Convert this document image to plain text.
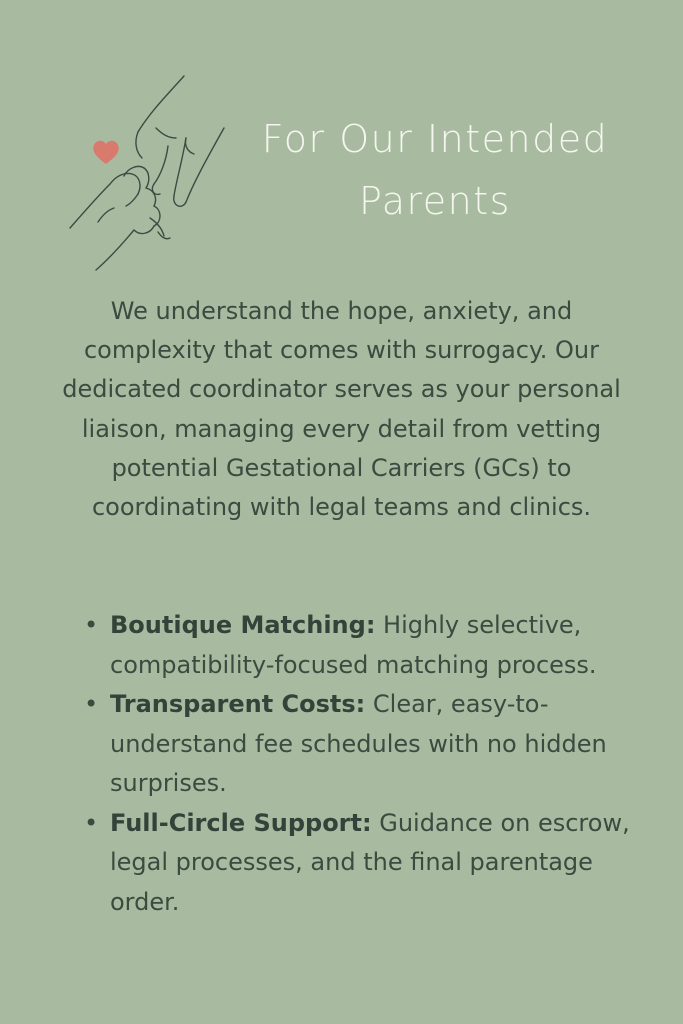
For Our Intended
Parents

We understand the hope, anxiety, and complexity that comes with surrogacy. Our dedicated coordinator serves as your personal liaison, managing every detail from vetting potential Gestational Carriers (GCs) to coordinating with legal teams and clinics.

• Boutique Matching: Highly selective, compatibility-focused matching process.
• Transparent Costs: Clear, easy-to-understand fee schedules with no hidden surprises.
• Full-Circle Support: Guidance on escrow, legal processes, and the final parentage order.
